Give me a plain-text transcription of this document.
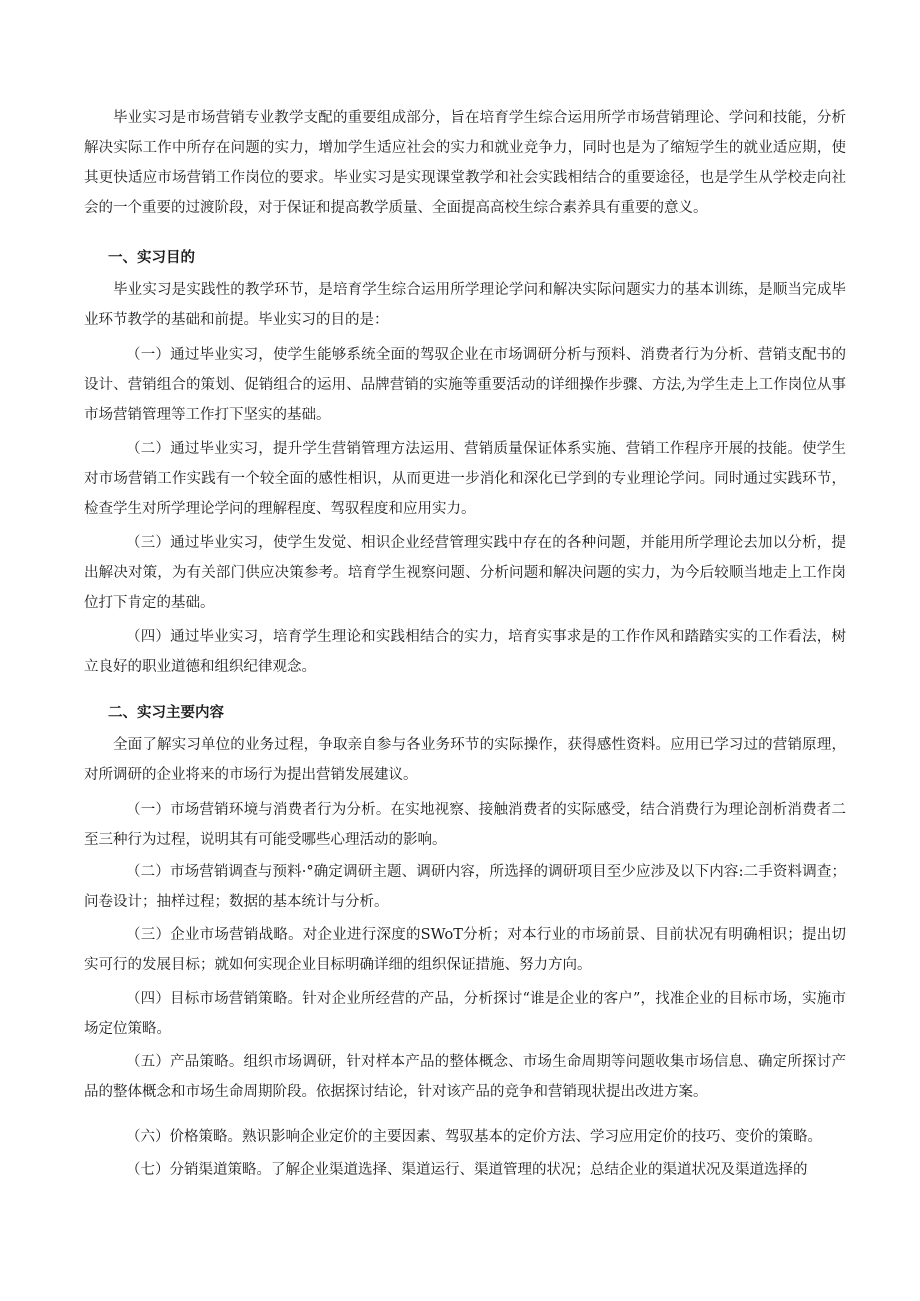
毕业实习是市场营销专业教学支配的重要组成部分，旨在培育学生综合运用所学市场营销理论、学问和技能，分析解决实际工作中所存在问题的实力，增加学生适应社会的实力和就业竞争力，同时也是为了缩短学生的就业适应期，使其更快适应市场营销工作岗位的要求。毕业实习是实现课堂教学和社会实践相结合的重要途径，也是学生从学校走向社会的一个重要的过渡阶段，对于保证和提高教学质量、全面提高高校生综合素养具有重要的意义。

一、实习目的

毕业实习是实践性的教学环节，是培育学生综合运用所学理论学问和解决实际问题实力的基本训练，是顺当完成毕业环节教学的基础和前提。毕业实习的目的是：

（一）通过毕业实习，使学生能够系统全面的驾驭企业在市场调研分析与预料、消费者行为分析、营销支配书的设计、营销组合的策划、促销组合的运用、品牌营销的实施等重要活动的详细操作步骤、方法,为学生走上工作岗位从事市场营销管理等工作打下坚实的基础。

（二）通过毕业实习，提升学生营销管理方法运用、营销质量保证体系实施、营销工作程序开展的技能。使学生对市场营销工作实践有一个较全面的感性相识，从而更进一步消化和深化已学到的专业理论学问。同时通过实践环节，检查学生对所学理论学问的理解程度、驾驭程度和应用实力。

（三）通过毕业实习，使学生发觉、相识企业经营管理实践中存在的各种问题，并能用所学理论去加以分析，提出解决对策，为有关部门供应决策参考。培育学生视察问题、分析问题和解决问题的实力，为今后较顺当地走上工作岗位打下肯定的基础。

（四）通过毕业实习，培育学生理论和实践相结合的实力，培育实事求是的工作作风和踏踏实实的工作看法，树立良好的职业道德和组织纪律观念。

二、实习主要内容

全面了解实习单位的业务过程，争取亲自参与各业务环节的实际操作，获得感性资料。应用已学习过的营销原理，对所调研的企业将来的市场行为提出营销发展建议。

（一）市场营销环境与消费者行为分析。在实地视察、接触消费者的实际感受，结合消费行为理论剖析消费者二至三种行为过程，说明其有可能受哪些心理活动的影响。

（二）市场营销调查与预料·°确定调研主题、调研内容，所选择的调研项目至少应涉及以下内容:二手资料调查；问卷设计；抽样过程；数据的基本统计与分析。

（三）企业市场营销战略。对企业进行深度的SWoT分析；对本行业的市场前景、目前状况有明确相识；提出切实可行的发展目标；就如何实现企业目标明确详细的组织保证措施、努力方向。

（四）目标市场营销策略。针对企业所经营的产品，分析探讨“谁是企业的客户”，找准企业的目标市场，实施市场定位策略。

（五）产品策略。组织市场调研，针对样本产品的整体概念、市场生命周期等问题收集市场信息、确定所探讨产品的整体概念和市场生命周期阶段。依据探讨结论，针对该产品的竞争和营销现状提出改进方案。

（六）价格策略。熟识影响企业定价的主要因素、驾驭基本的定价方法、学习应用定价的技巧、变价的策略。

（七）分销渠道策略。了解企业渠道选择、渠道运行、渠道管理的状况；总结企业的渠道状况及渠道选择的
